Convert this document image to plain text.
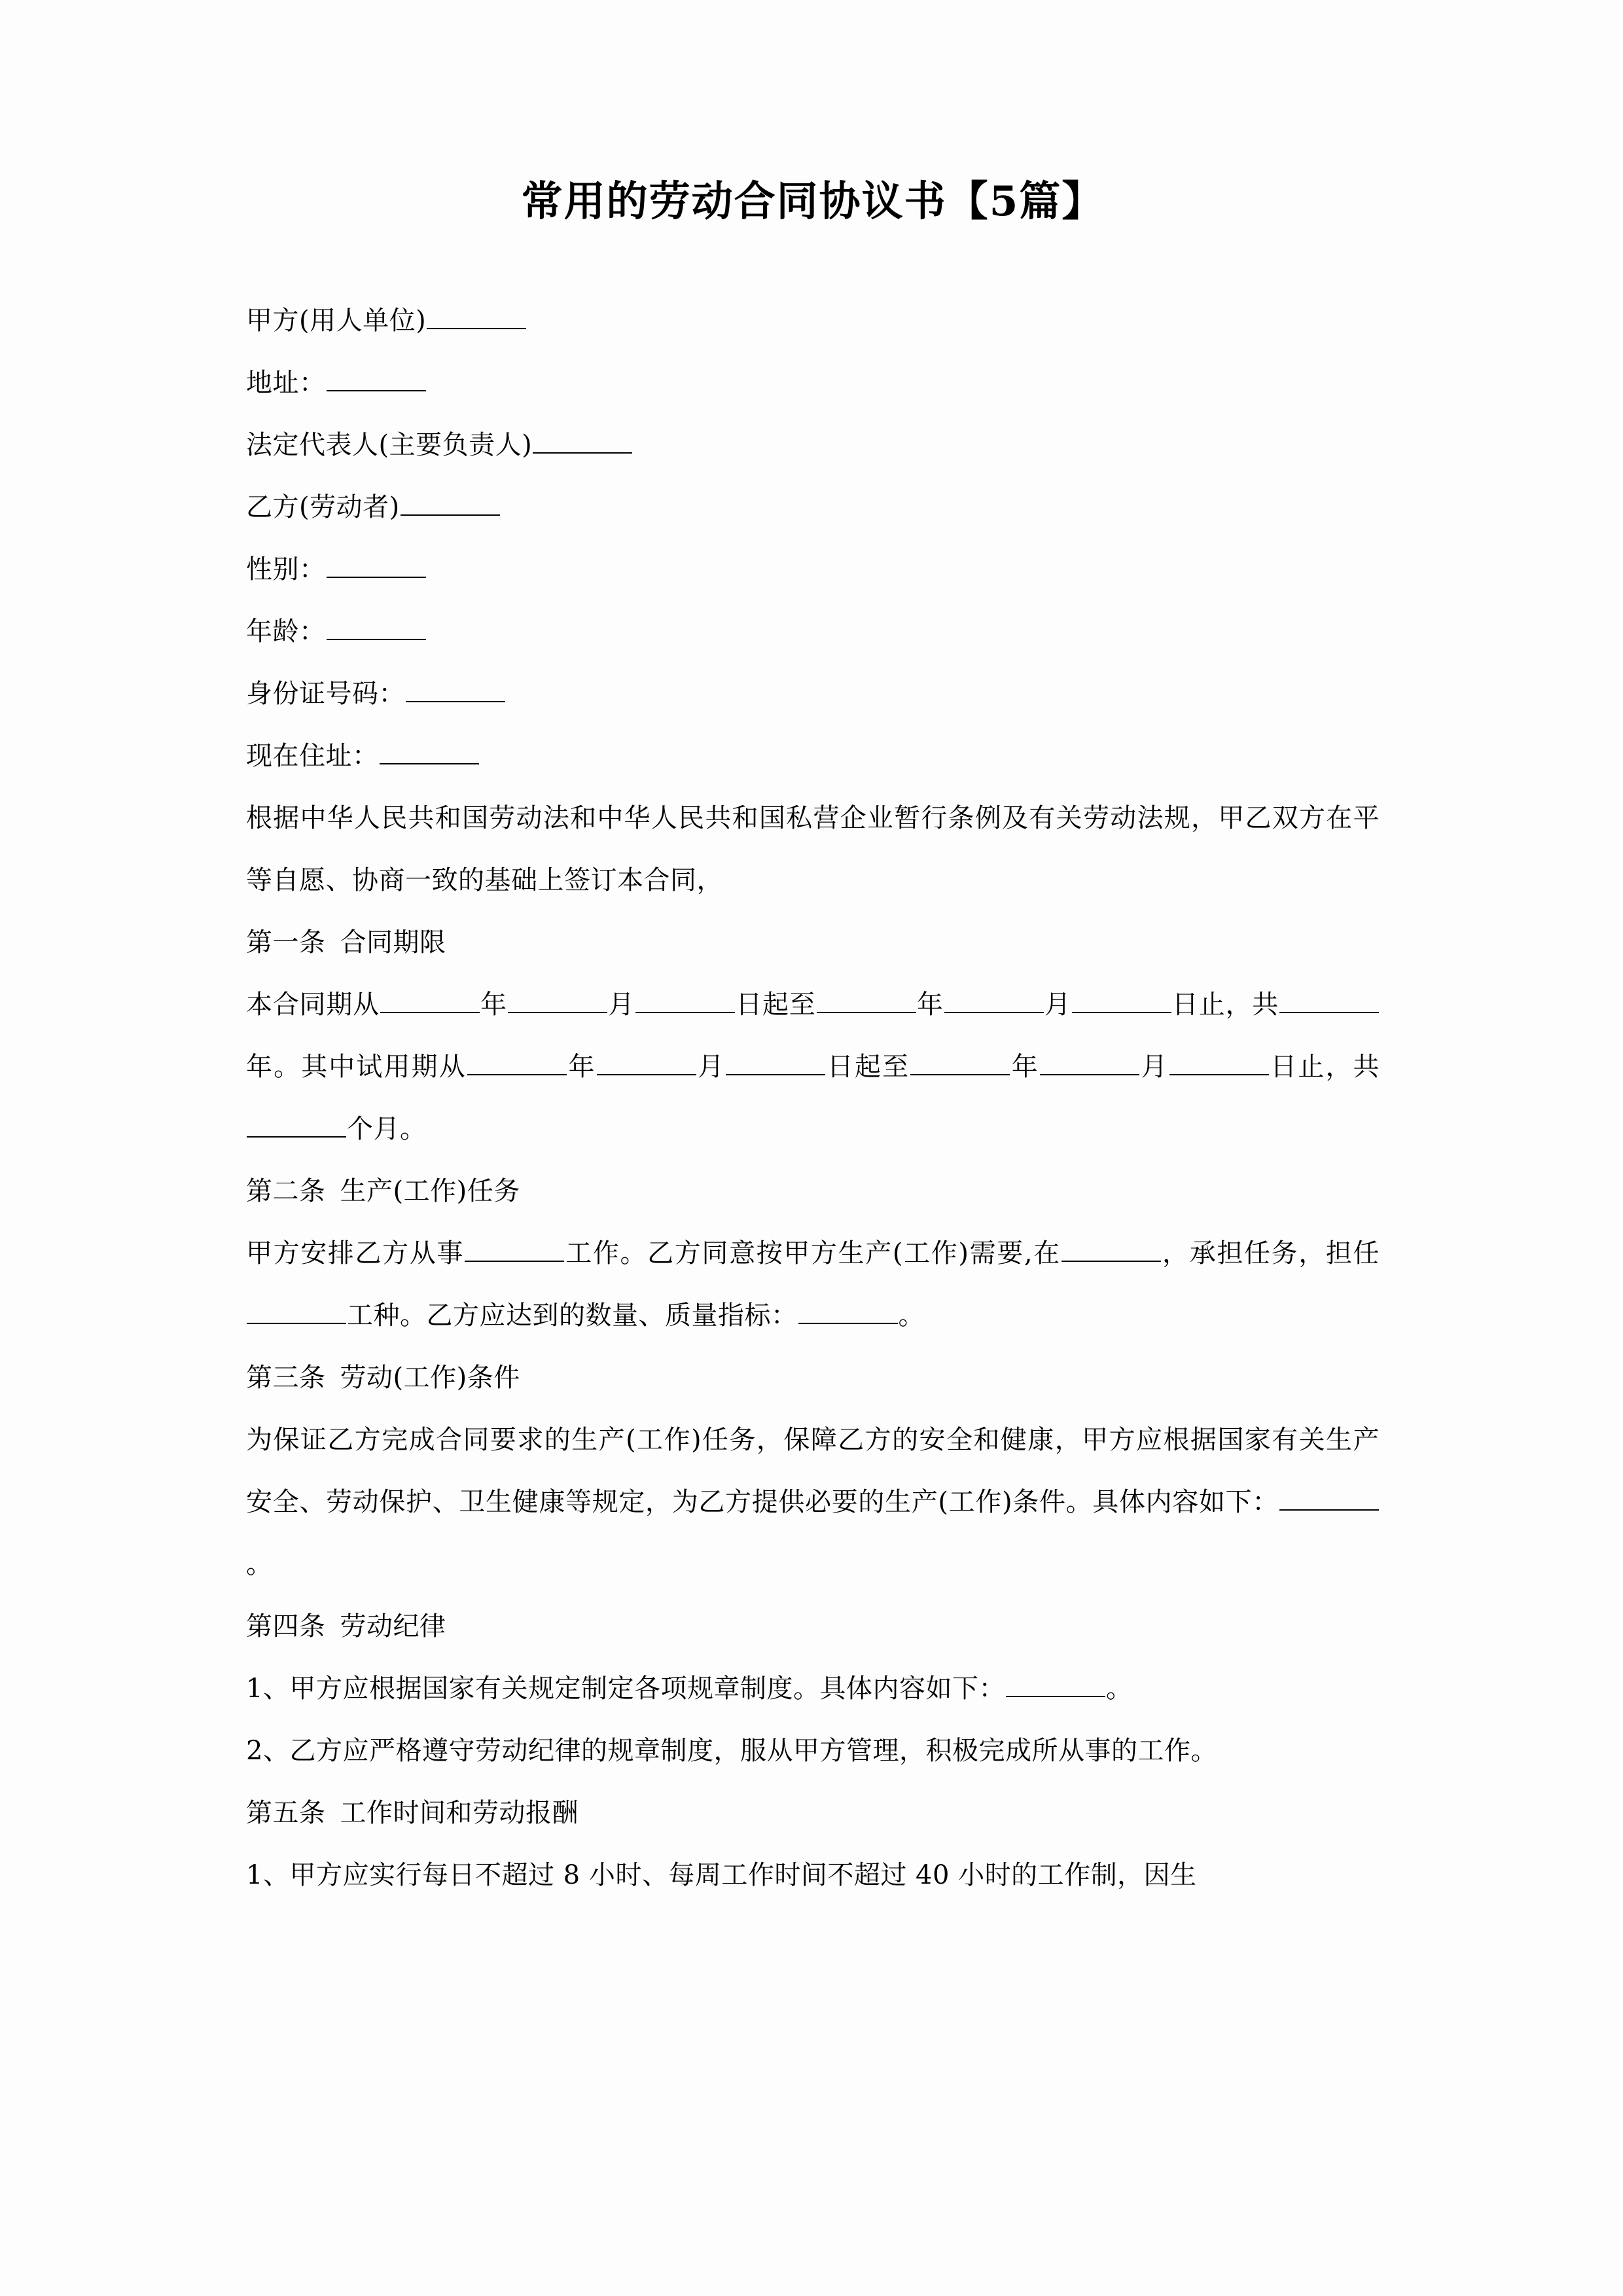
常用的劳动合同协议书【5篇】
甲方(用人单位)
地址：
法定代表人(主要负责人)
乙方(劳动者)
性别：
年龄：
身份证号码：
现在住址：

根据中华人民共和国劳动法和中华人民共和国私营企业暂行条例及有关劳动法规，甲乙双方在平等自愿、协商一致的基础上签订本合同，

第一条 合同期限

本合同期从	年	月	日起至	年	月	日止，共年。其中试用期从	年	月	日起至	年	月	日止，共个月。

第二条 生产(工作)任务

甲方安排乙方从事	工作。乙方同意按甲方生产(工作)需要,在	，承担任务，担任工种。乙方应达到的数量、质量指标：	。

第三条 劳动(工作)条件

为保证乙方完成合同要求的生产(工作)任务，保障乙方的安全和健康，甲方应根据国家有关生产安全、劳动保护、卫生健康等规定，为乙方提供必要的生产(工作)条件。具体内容如下：。

第四条 劳动纪律

1、甲方应根据国家有关规定制定各项规章制度。具体内容如下：	。

2、乙方应严格遵守劳动纪律的规章制度，服从甲方管理，积极完成所从事的工作。

第五条 工作时间和劳动报酬

1、甲方应实行每日不超过 8 小时、每周工作时间不超过 40 小时的工作制，因生
